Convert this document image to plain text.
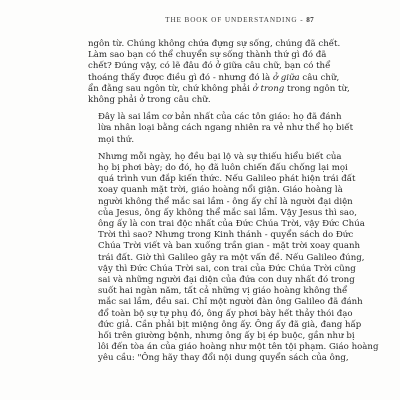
THE BOOK OF UNDERSTANDING - 87

ngôn từ. Chúng không chứa đựng sự sống, chúng đã chết.
Làm sao bạn có thể chuyển sự sống thành thứ gì đó đã
chết? Đúng vậy, có lẽ đâu đó ở giữa câu chữ, bạn có thể
thoáng thấy được điều gì đó - nhưng đó là ở giữa câu chữ,
ẩn đằng sau ngôn từ, chứ không phải ở trong trong ngôn từ,
không phải ở trong câu chữ.

Đây là sai lầm cơ bản nhất của các tôn giáo: họ đã đánh
lừa nhân loại bằng cách ngang nhiên ra vẻ như thể họ biết
mọi thứ.

Nhưng mỗi ngày, họ đều bại lộ và sự thiếu hiểu biết của
họ bị phơi bày; do đó, họ đã luôn chiến đấu chống lại mọi
quá trình vun đắp kiến thức. Nếu Galileo phát hiện trái đất
xoay quanh mặt trời, giáo hoàng nổi giận. Giáo hoàng là
người không thể mắc sai lầm - ông ấy chỉ là người đại diện
của Jesus, ông ấy không thể mắc sai lầm. Vậy Jesus thì sao,
ông ấy là con trai độc nhất của Đức Chúa Trời, vậy Đức Chúa
Trời thì sao? Nhưng trong Kinh thánh - quyển sách do Đức
Chúa Trời viết và ban xuống trần gian - mặt trời xoay quanh
trái đất. Giờ thì Galileo gây ra một vấn đề. Nếu Galileo đúng,
vậy thì Đức Chúa Trời sai, con trai của Đức Chúa Trời cũng
sai và những người đại diện của đứa con duy nhất đó trong
suốt hai ngàn năm, tất cả những vị giáo hoàng không thể
mắc sai lầm, đều sai. Chỉ một người đàn ông Galileo đã đánh
đổ toàn bộ sự tự phụ đó, ông ấy phơi bày hết thảy thói đạo
đức giả. Cần phải bịt miệng ông ấy. Ông ấy đã già, đang hấp
hối trên giường bệnh, nhưng ông ấy bị ép buộc, gần như bị
lôi đến tòa án của giáo hoàng như một tên tội phạm. Giáo hoàng
yêu cầu: "Ông hãy thay đổi nội dung quyển sách của ông,
